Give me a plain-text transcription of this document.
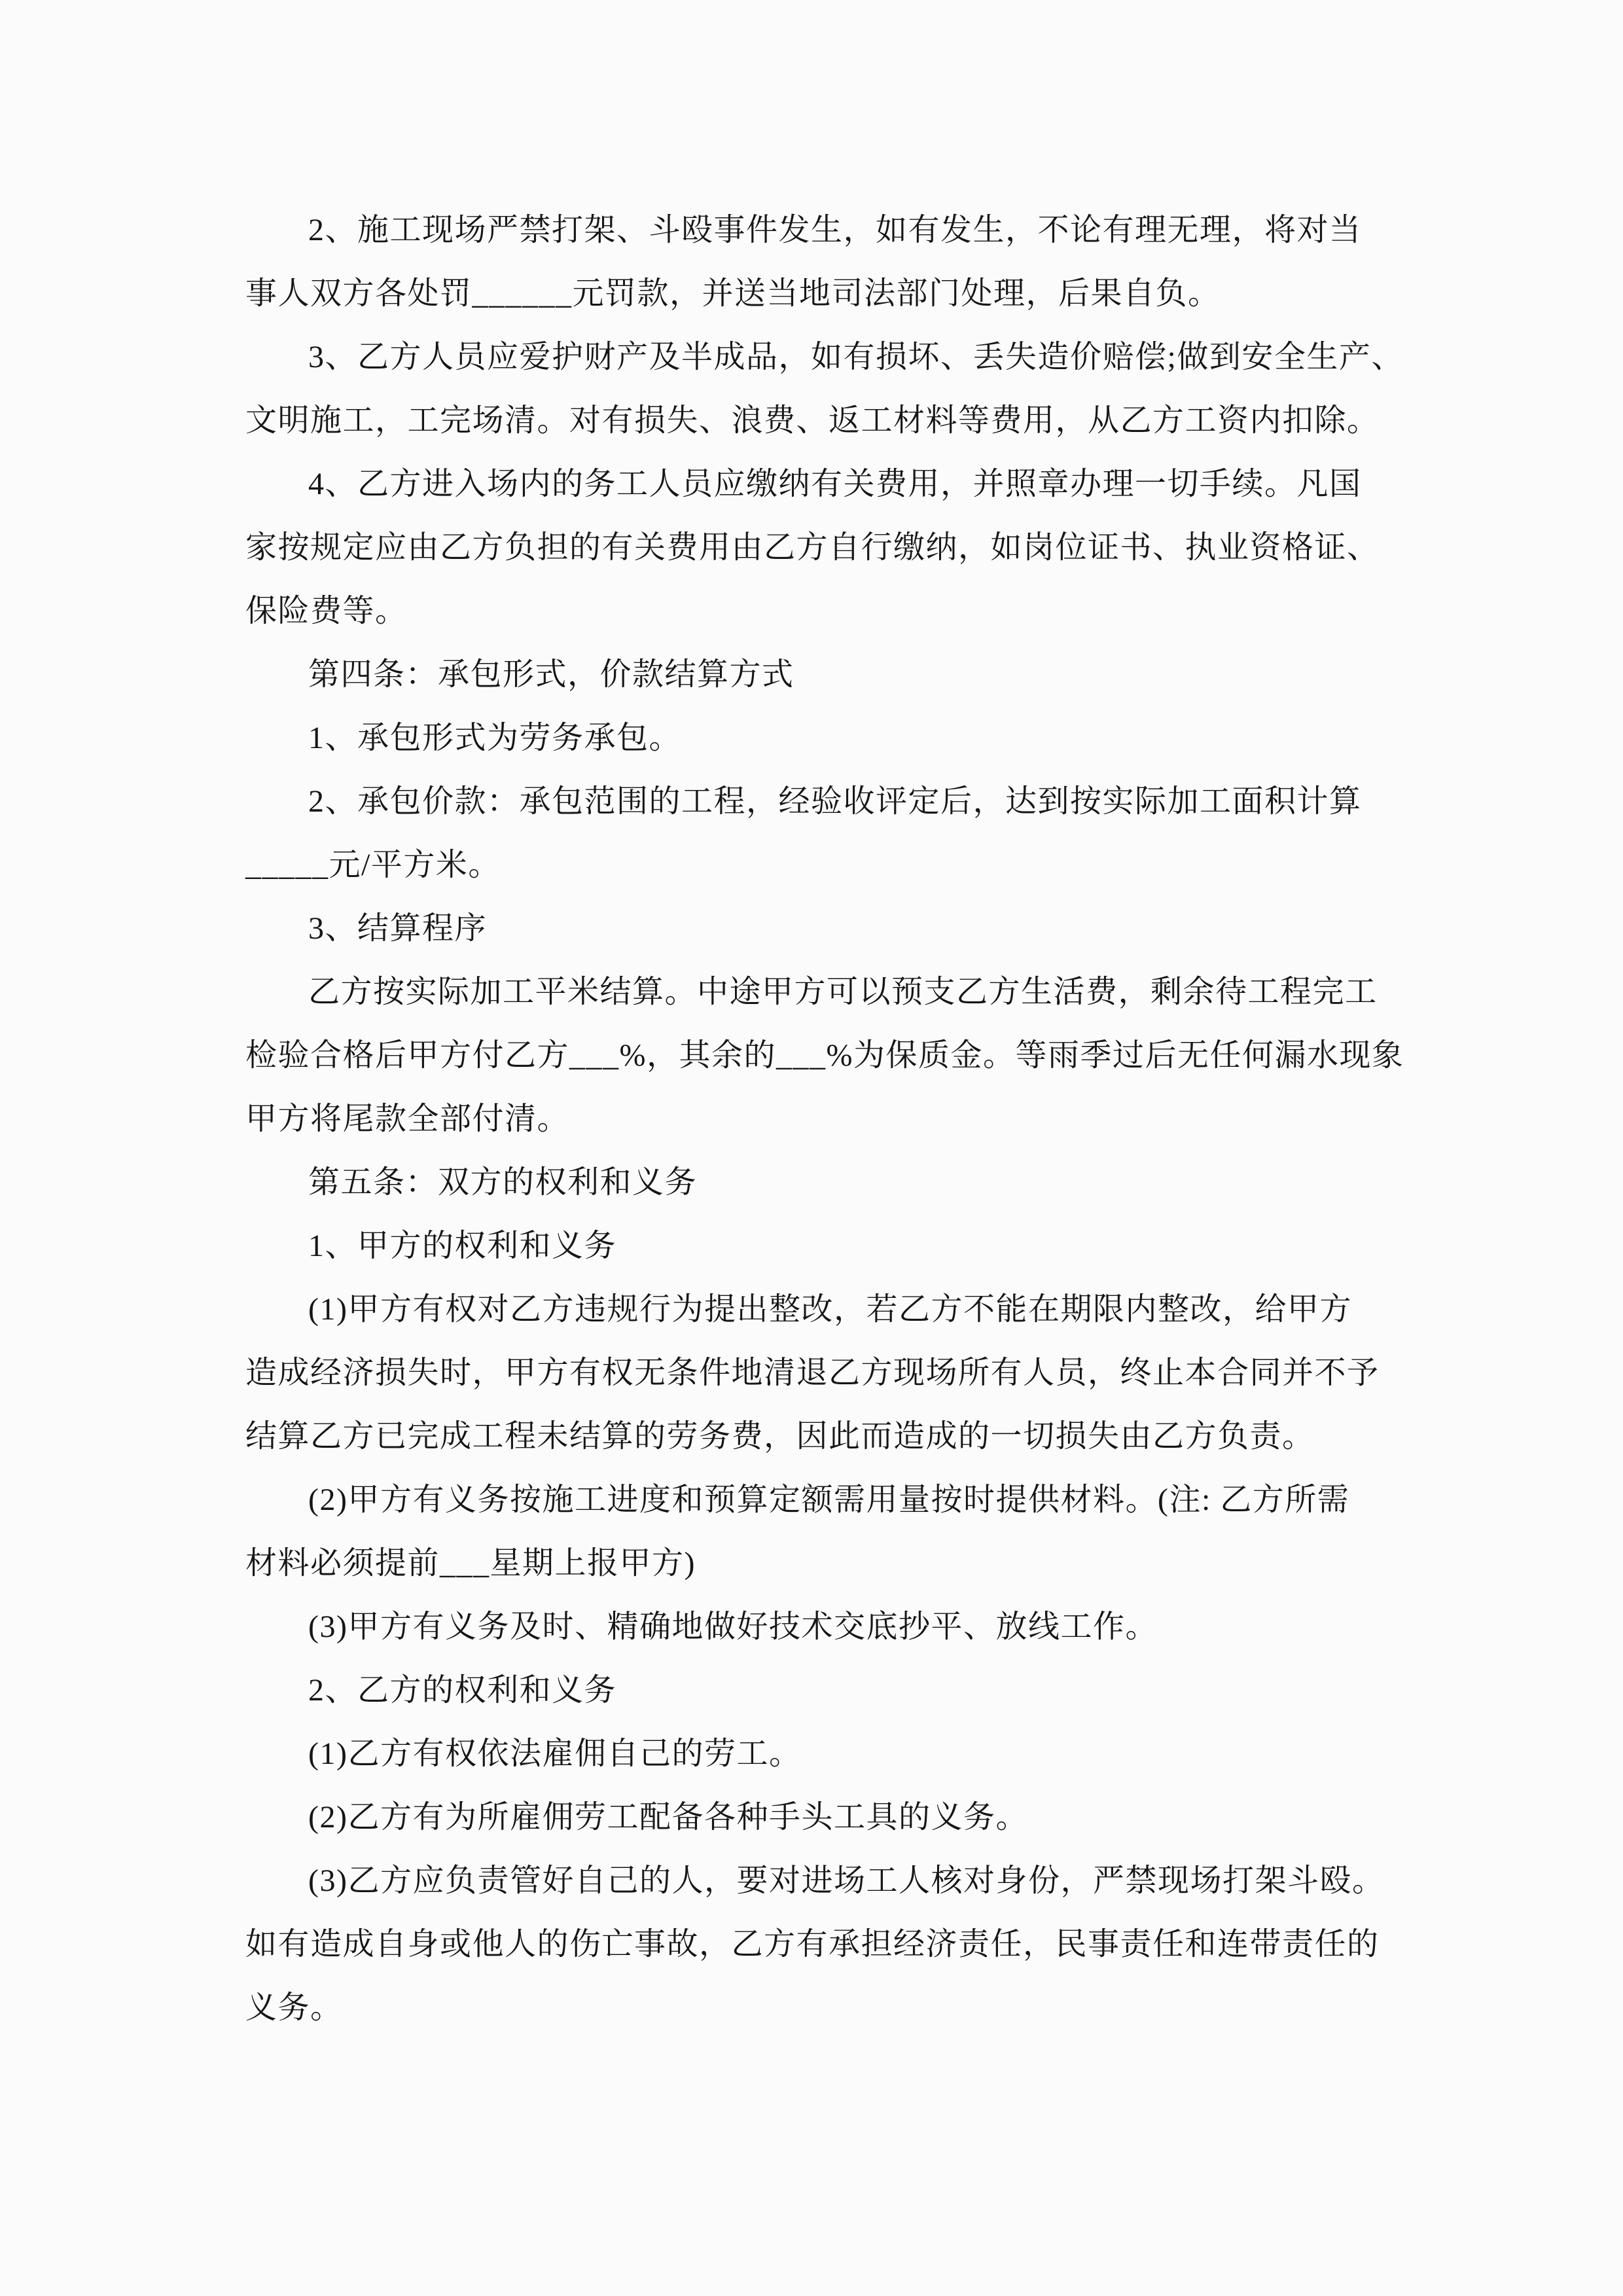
2、施工现场严禁打架、斗殴事件发生，如有发生，不论有理无理，将对当
事人双方各处罚______元罚款，并送当地司法部门处理，后果自负。
3、乙方人员应爱护财产及半成品，如有损坏、丢失造价赔偿;做到安全生产、
文明施工，工完场清。对有损失、浪费、返工材料等费用，从乙方工资内扣除。
4、乙方进入场内的务工人员应缴纳有关费用，并照章办理一切手续。凡国
家按规定应由乙方负担的有关费用由乙方自行缴纳，如岗位证书、执业资格证、
保险费等。
第四条：承包形式，价款结算方式
1、承包形式为劳务承包。
2、承包价款：承包范围的工程，经验收评定后，达到按实际加工面积计算
_____元/平方米。
3、结算程序
乙方按实际加工平米结算。中途甲方可以预支乙方生活费，剩余待工程完工
检验合格后甲方付乙方___%，其余的___%为保质金。等雨季过后无任何漏水现象
甲方将尾款全部付清。
第五条：双方的权利和义务
1、甲方的权利和义务
(1)甲方有权对乙方违规行为提出整改，若乙方不能在期限内整改，给甲方
造成经济损失时，甲方有权无条件地清退乙方现场所有人员，终止本合同并不予
结算乙方已完成工程未结算的劳务费，因此而造成的一切损失由乙方负责。
(2)甲方有义务按施工进度和预算定额需用量按时提供材料。(注: 乙方所需
材料必须提前___星期上报甲方)
(3)甲方有义务及时、精确地做好技术交底抄平、放线工作。
2、乙方的权利和义务
(1)乙方有权依法雇佣自己的劳工。
(2)乙方有为所雇佣劳工配备各种手头工具的义务。
(3)乙方应负责管好自己的人，要对进场工人核对身份，严禁现场打架斗殴。
如有造成自身或他人的伤亡事故，乙方有承担经济责任，民事责任和连带责任的
义务。
